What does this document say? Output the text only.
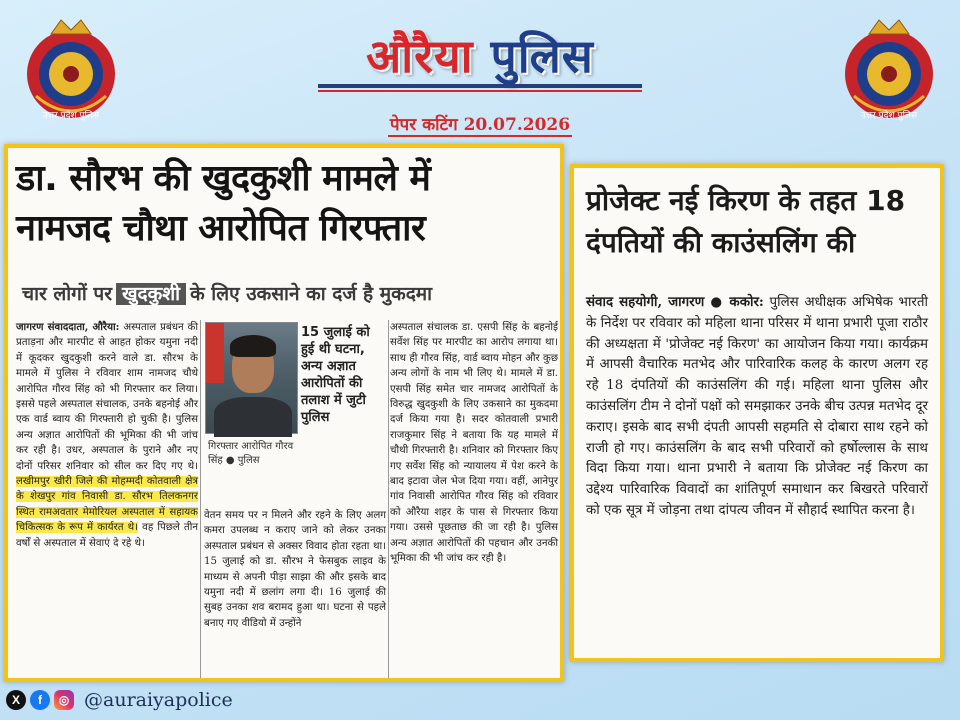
उत्तर प्रदेश पुलिस	उत्तर प्रदेश पुलिस
औरैया पुलिस
पेपर कटिंग 20.07.2026
डा. सौरभ की खुदकुशी मामले में
नामजद चौथा आरोपित गिरफ्तार
चार लोगों पर खुदकुशी के लिए उकसाने का दर्ज है मुकदमा
जागरण संवाददाता, औरैया: अस्पताल प्रबंधन की प्रताड़ना और मारपीट से आहत होकर यमुना नदी में कूदकर खुदकुशी करने वाले डा. सौरभ के मामले में पुलिस ने रविवार शाम नामजद चौथे आरोपित गौरव सिंह को भी गिरफ्तार कर लिया। इससे पहले अस्पताल संचालक, उनके बहनोई और एक वार्ड ब्वाय की गिरफ्तारी हो चुकी है। पुलिस अन्य अज्ञात आरोपितों की भूमिका की भी जांच कर रही है। उधर, अस्पताल के पुराने और नए दोनों परिसर शनिवार को सील कर दिए गए थे। लखीमपुर खीरी जिले की मोहम्मदी कोतवाली क्षेत्र के शेखपुर गांव निवासी डा. सौरभ तिलकनगर स्थित रामअवतार मेमोरियल अस्पताल में सहायक चिकित्सक के रूप में कार्यरत थे। वह पिछले तीन वर्षों से अस्पताल में सेवाएं दे रहे थे।
15 जुलाई को हुई थी घटना, अन्य अज्ञात आरोपितों की तलाश में जुटी पुलिस
गिरफ्तार आरोपित गौरव सिंह ● पुलिस
वेतन समय पर न मिलने और रहने के लिए अलग कमरा उपलब्ध न कराए जाने को लेकर उनका अस्पताल प्रबंधन से अक्सर विवाद होता रहता था। 15 जुलाई को डा. सौरभ ने फेसबुक लाइव के माध्यम से अपनी पीड़ा साझा की और इसके बाद यमुना नदी में छलांग लगा दी। 16 जुलाई की सुबह उनका शव बरामद हुआ था। घटना से पहले बनाए गए वीडियो में उन्होंने
अस्पताल संचालक डा. एसपी सिंह के बहनोई सर्वेश सिंह पर मारपीट का आरोप लगाया था। साथ ही गौरव सिंह, वार्ड ब्वाय मोहन और कुछ अन्य लोगों के नाम भी लिए थे। मामले में डा. एसपी सिंह समेत चार नामजद आरोपितों के विरुद्ध खुदकुशी के लिए उकसाने का मुकदमा दर्ज किया गया है। सदर कोतवाली प्रभारी राजकुमार सिंह ने बताया कि यह मामले में चौथी गिरफ्तारी है। शनिवार को गिरफ्तार किए गए सर्वेश सिंह को न्यायालय में पेश करने के बाद इटावा जेल भेज दिया गया। वहीं, आनेपुर गांव निवासी आरोपित गौरव सिंह को रविवार को औरैया शहर के पास से गिरफ्तार किया गया। उससे पूछताछ की जा रही है। पुलिस अन्य अज्ञात आरोपितों की पहचान और उनकी भूमिका की भी जांच कर रही है।
प्रोजेक्ट नई किरण के तहत 18 दंपतियों की काउंसलिंग की
संवाद सहयोगी, जागरण ● ककोर: पुलिस अधीक्षक अभिषेक भारती के निर्देश पर रविवार को महिला थाना परिसर में थाना प्रभारी पूजा राठौर की अध्यक्षता में 'प्रोजेक्ट नई किरण' का आयोजन किया गया। कार्यक्रम में आपसी वैचारिक मतभेद और पारिवारिक कलह के कारण अलग रह रहे 18 दंपतियों की काउंसलिंग की गई। महिला थाना पुलिस और काउंसलिंग टीम ने दोनों पक्षों को समझाकर उनके बीच उत्पन्न मतभेद दूर कराए। इसके बाद सभी दंपती आपसी सहमति से दोबारा साथ रहने को राजी हो गए। काउंसलिंग के बाद सभी परिवारों को हर्षोल्लास के साथ विदा किया गया। थाना प्रभारी ने बताया कि प्रोजेक्ट नई किरण का उद्देश्य पारिवारिक विवादों का शांतिपूर्ण समाधान कर बिखरते परिवारों को एक सूत्र में जोड़ना तथा दांपत्य जीवन में सौहार्द स्थापित करना है।
X	f	◎ @auraiyapolice
